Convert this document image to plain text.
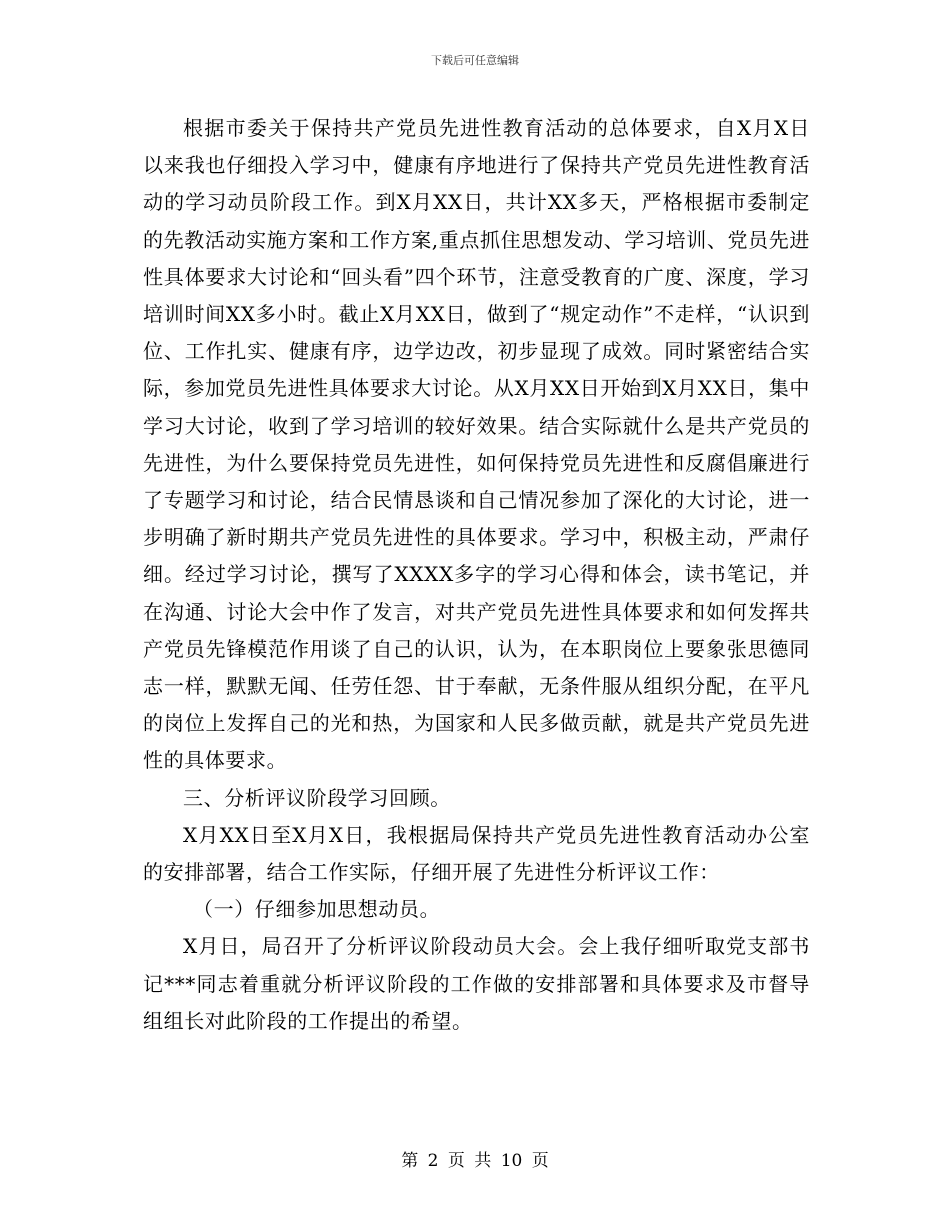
下载后可任意编辑

根据市委关于保持共产党员先进性教育活动的总体要求，自X月X日以来我也仔细投入学习中，健康有序地进行了保持共产党员先进性教育活动的学习动员阶段工作。到X月XX日，共计XX多天，严格根据市委制定的先教活动实施方案和工作方案,重点抓住思想发动、学习培训、党员先进性具体要求大讨论和“回头看”四个环节，注意受教育的广度、深度，学习培训时间XX多小时。截止X月XX日，做到了“规定动作”不走样，“认识到位、工作扎实、健康有序，边学边改，初步显现了成效。同时紧密结合实际，参加党员先进性具体要求大讨论。从X月XX日开始到X月XX日，集中学习大讨论，收到了学习培训的较好效果。结合实际就什么是共产党员的先进性，为什么要保持党员先进性，如何保持党员先进性和反腐倡廉进行了专题学习和讨论，结合民情恳谈和自己情况参加了深化的大讨论，进一步明确了新时期共产党员先进性的具体要求。学习中，积极主动，严肃仔细。经过学习讨论，撰写了XXXX多字的学习心得和体会，读书笔记，并在沟通、讨论大会中作了发言，对共产党员先进性具体要求和如何发挥共产党员先锋模范作用谈了自己的认识，认为，在本职岗位上要象张思德同志一样，默默无闻、任劳任怨、甘于奉献，无条件服从组织分配，在平凡的岗位上发挥自己的光和热，为国家和人民多做贡献，就是共产党员先进性的具体要求。

三、分析评议阶段学习回顾。

X月XX日至X月X日，我根据局保持共产党员先进性教育活动办公室的安排部署，结合工作实际，仔细开展了先进性分析评议工作：

（一）仔细参加思想动员。

X月日，局召开了分析评议阶段动员大会。会上我仔细听取党支部书记***同志着重就分析评议阶段的工作做的安排部署和具体要求及市督导组组长对此阶段的工作提出的希望。

第 2 页 共 10 页
